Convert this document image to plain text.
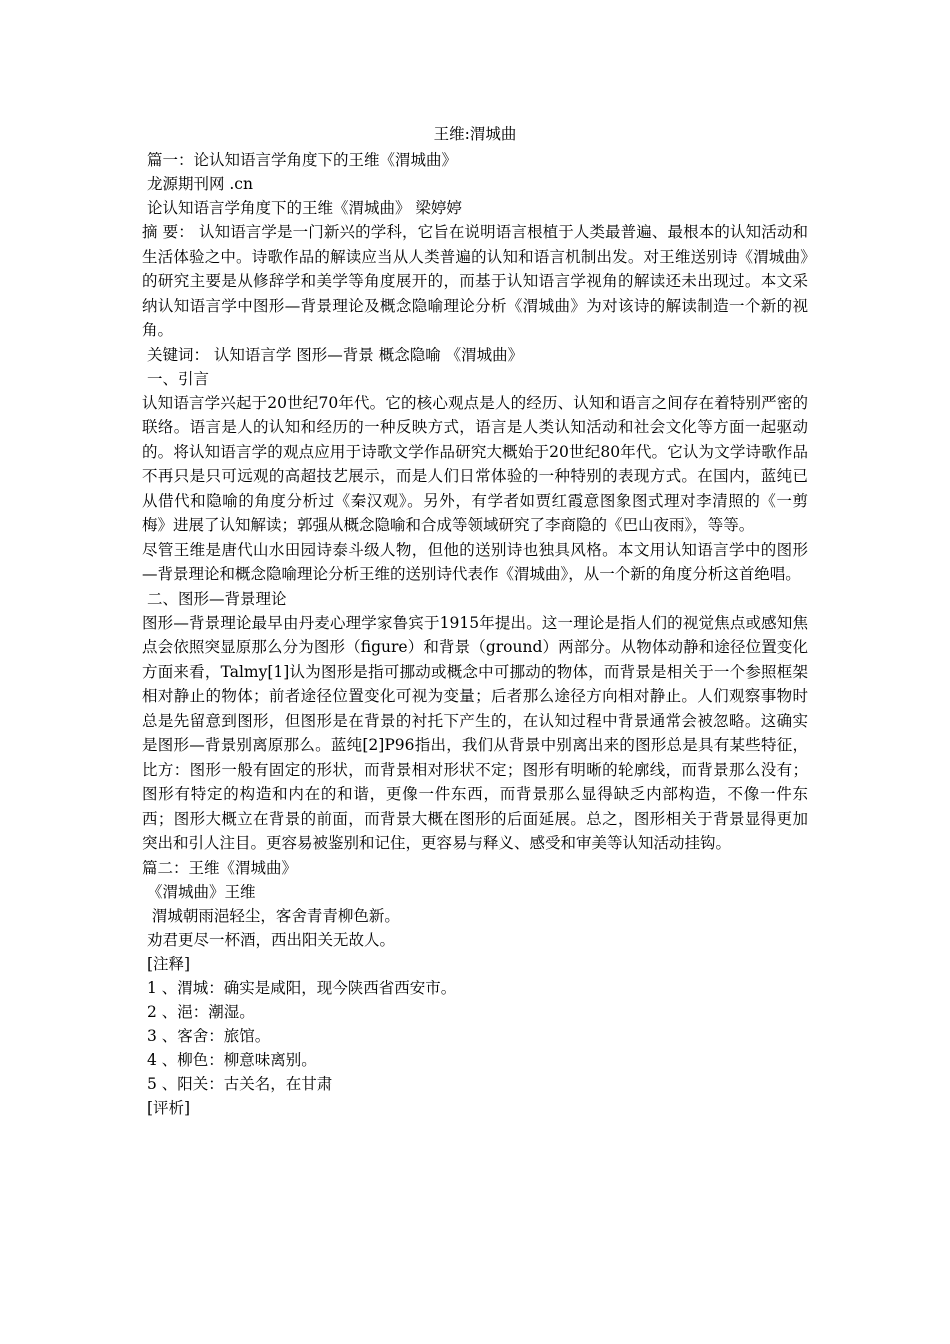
王维:渭城曲

篇一：论认知语言学角度下的王维《渭城曲》

龙源期刊网 .cn

论认知语言学角度下的王维《渭城曲》 梁婷婷

摘 要： 认知语言学是一门新兴的学科，它旨在说明语言根植于人类最普遍、最根本的认知活动和生活体验之中。诗歌作品的解读应当从人类普遍的认知和语言机制出发。对王维送别诗《渭城曲》的研究主要是从修辞学和美学等角度展开的，而基于认知语言学视角的解读还未出现过。本文采纳认知语言学中图形—背景理论及概念隐喻理论分析《渭城曲》为对该诗的解读制造一个新的视角。

关键词： 认知语言学 图形—背景 概念隐喻 《渭城曲》

一、引言

认知语言学兴起于20世纪70年代。它的核心观点是人的经历、认知和语言之间存在着特别严密的联络。语言是人的认知和经历的一种反映方式，语言是人类认知活动和社会文化等方面一起驱动的。将认知语言学的观点应用于诗歌文学作品研究大概始于20世纪80年代。它认为文学诗歌作品不再只是只可远观的高超技艺展示，而是人们日常体验的一种特别的表现方式。在国内，蓝纯已从借代和隐喻的角度分析过《秦汉观》。另外，有学者如贾红霞意图象图式理对李清照的《一剪梅》进展了认知解读；郭强从概念隐喻和合成等领域研究了李商隐的《巴山夜雨》，等等。

尽管王维是唐代山水田园诗泰斗级人物，但他的送别诗也独具风格。本文用认知语言学中的图形—背景理论和概念隐喻理论分析王维的送别诗代表作《渭城曲》，从一个新的角度分析这首绝唱。

二、图形—背景理论

图形—背景理论最早由丹麦心理学家鲁宾于1915年提出。这一理论是指人们的视觉焦点或感知焦点会依照突显原那么分为图形（figure）和背景（ground）两部分。从物体动静和途径位置变化方面来看，Talmy[1]认为图形是指可挪动或概念中可挪动的物体，而背景是相关于一个参照框架相对静止的物体；前者途径位置变化可视为变量；后者那么途径方向相对静止。人们观察事物时总是先留意到图形，但图形是在背景的衬托下产生的，在认知过程中背景通常会被忽略。这确实是图形—背景别离原那么。蓝纯[2]P96指出，我们从背景中别离出来的图形总是具有某些特征，比方：图形一般有固定的形状，而背景相对形状不定；图形有明晰的轮廓线，而背景那么没有；图形有特定的构造和内在的和谐，更像一件东西，而背景那么显得缺乏内部构造，不像一件东西；图形大概立在背景的前面，而背景大概在图形的后面延展。总之，图形相关于背景显得更加突出和引人注目。更容易被鉴别和记住，更容易与释义、感受和审美等认知活动挂钩。

篇二：王维《渭城曲》

《渭城曲》王维

渭城朝雨浥轻尘，客舍青青柳色新。

劝君更尽一杯酒，西出阳关无故人。

[注释]

1 、渭城：确实是咸阳，现今陕西省西安市。

2 、浥：潮湿。

3 、客舍：旅馆。

4 、柳色：柳意味离别。

5 、阳关：古关名，在甘肃

[评析]
